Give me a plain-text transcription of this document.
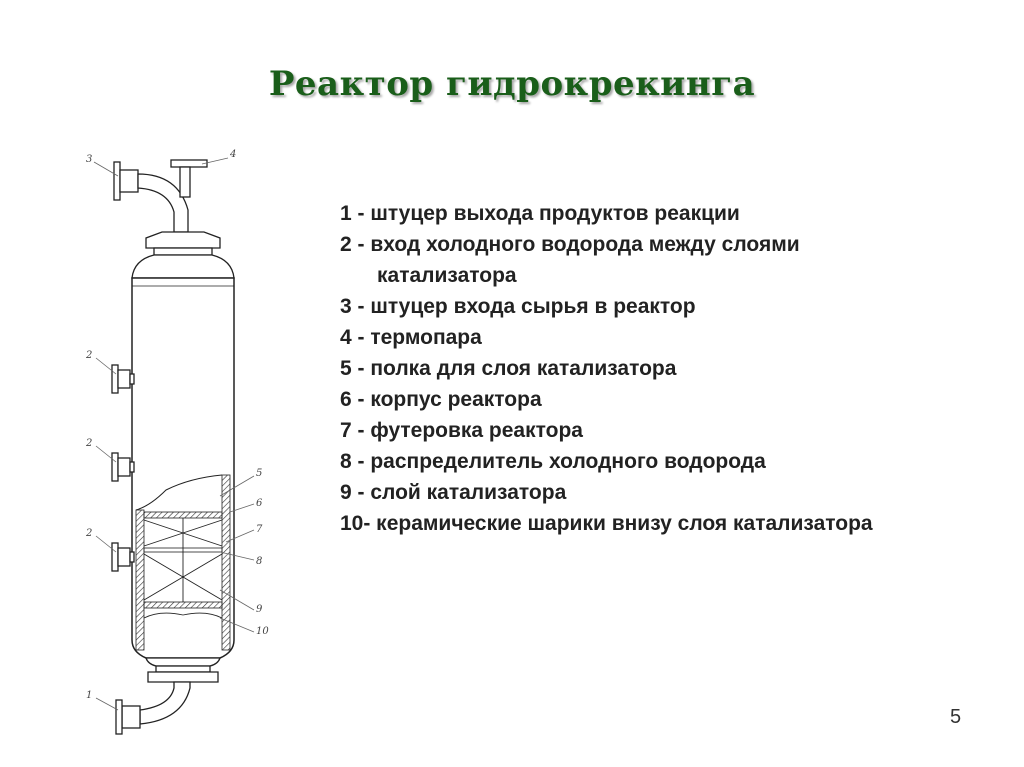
Реактор гидрокрекинга
3	4
2
2
2
5
6
7
8
9
10
1
1 - штуцер выхода продуктов реакции
2 - вход холодного водорода между слоями
катализатора
3 - штуцер входа сырья в реактор
4 - термопара
5 - полка для слоя катализатора
6 - корпус реактора
7 - футеровка реактора
8 - распределитель холодного водорода
9 - слой катализатора
10- керамические шарики внизу слоя катализатора
5
